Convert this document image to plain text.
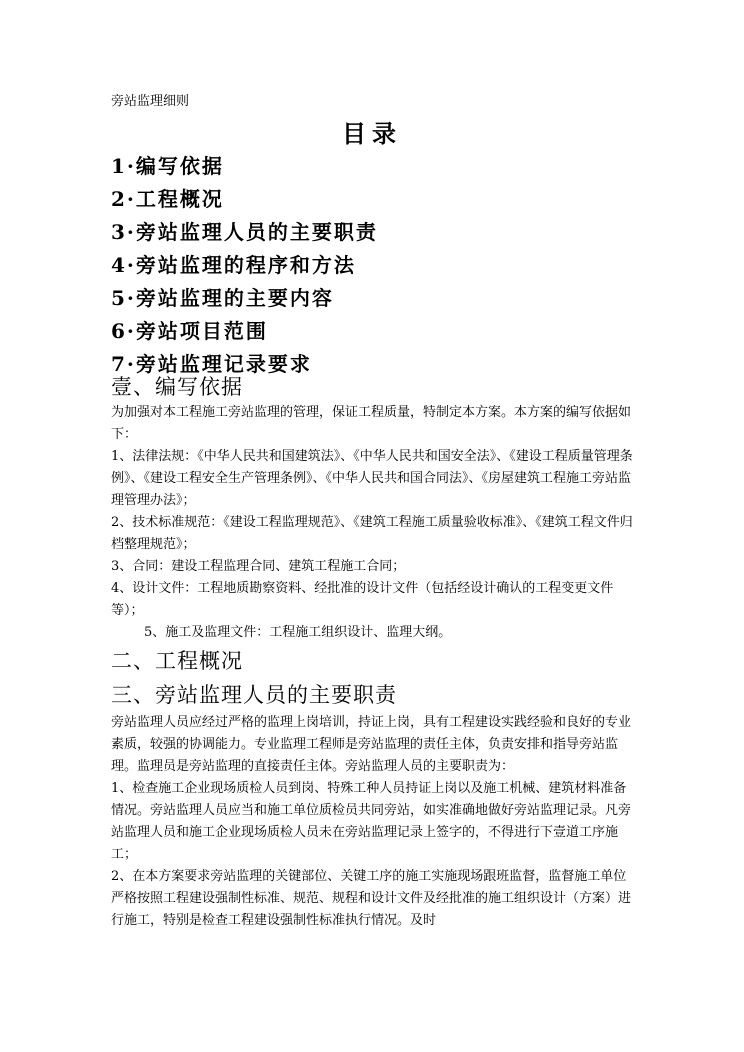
旁站监理细则
目录
1·编写依据
2·工程概况
3·旁站监理人员的主要职责
4·旁站监理的程序和方法
5·旁站监理的主要内容
6·旁站项目范围
7·旁站监理记录要求
壹、编写依据

为加强对本工程施工旁站监理的管理，保证工程质量，特制定本方案。本方案的编写依据如下：

1、法律法规：《中华人民共和国建筑法》、《中华人民共和国安全法》、《建设工程质量管理条例》、《建设工程安全生产管理条例》、《中华人民共和国合同法》、《房屋建筑工程施工旁站监理管理办法》；

2、技术标准规范：《建设工程监理规范》、《建筑工程施工质量验收标准》、《建筑工程文件归档整理规范》；

3、合同：建设工程监理合同、建筑工程施工合同；

4、设计文件：工程地质勘察资料、经批准的设计文件（包括经设计确认的工程变更文件等）；

5、施工及监理文件：工程施工组织设计、监理大纲。

二、工程概况
三、旁站监理人员的主要职责

旁站监理人员应经过严格的监理上岗培训，持证上岗，具有工程建设实践经验和良好的专业素质，较强的协调能力。专业监理工程师是旁站监理的责任主体，负责安排和指导旁站监理。监理员是旁站监理的直接责任主体。旁站监理人员的主要职责为：

1、检查施工企业现场质检人员到岗、特殊工种人员持证上岗以及施工机械、建筑材料准备情况。旁站监理人员应当和施工单位质检员共同旁站，如实准确地做好旁站监理记录。凡旁站监理人员和施工企业现场质检人员未在旁站监理记录上签字的，不得进行下壹道工序施工；

2、在本方案要求旁站监理的关键部位、关键工序的施工实施现场跟班监督，监督施工单位严格按照工程建设强制性标准、规范、规程和设计文件及经批准的施工组织设计（方案）进行施工，特别是检查工程建设强制性标准执行情况。及时
